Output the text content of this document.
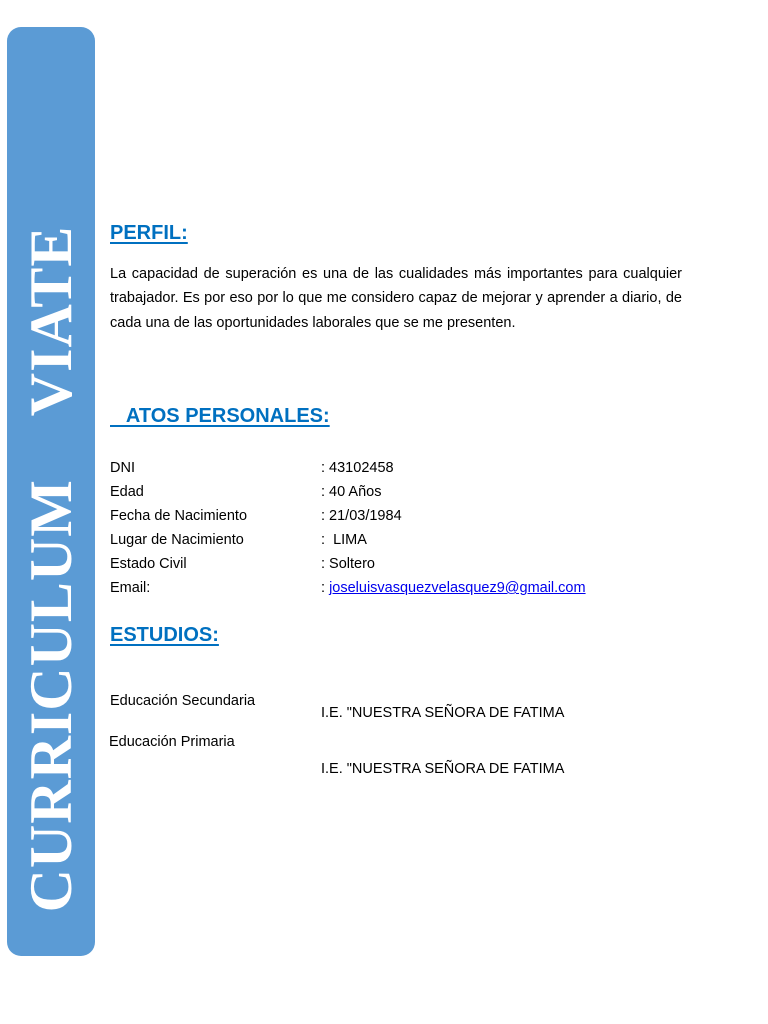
CURRICULUM    VIATE PERFIL:

La capacidad de superación es una de las cualidades más importantes para cualquier trabajador. Es por eso por lo que me considero capaz de mejorar y aprender a diario, de cada una de las oportunidades laborales que se me presenten.

ATOS PERSONALES:
DNI	: 43102458
Edad	: 40 Años
Fecha de Nacimiento	: 21/03/1984
Lugar de Nacimiento	:  LIMA
Estado Civil	: Soltero
Email:	: joseluisvasquezvelasquez9@gmail.com
ESTUDIOS:
Educación Secundaria
I.E. "NUESTRA SEÑORA DE FATIMA
Educación Primaria
I.E. "NUESTRA SEÑORA DE FATIMA
